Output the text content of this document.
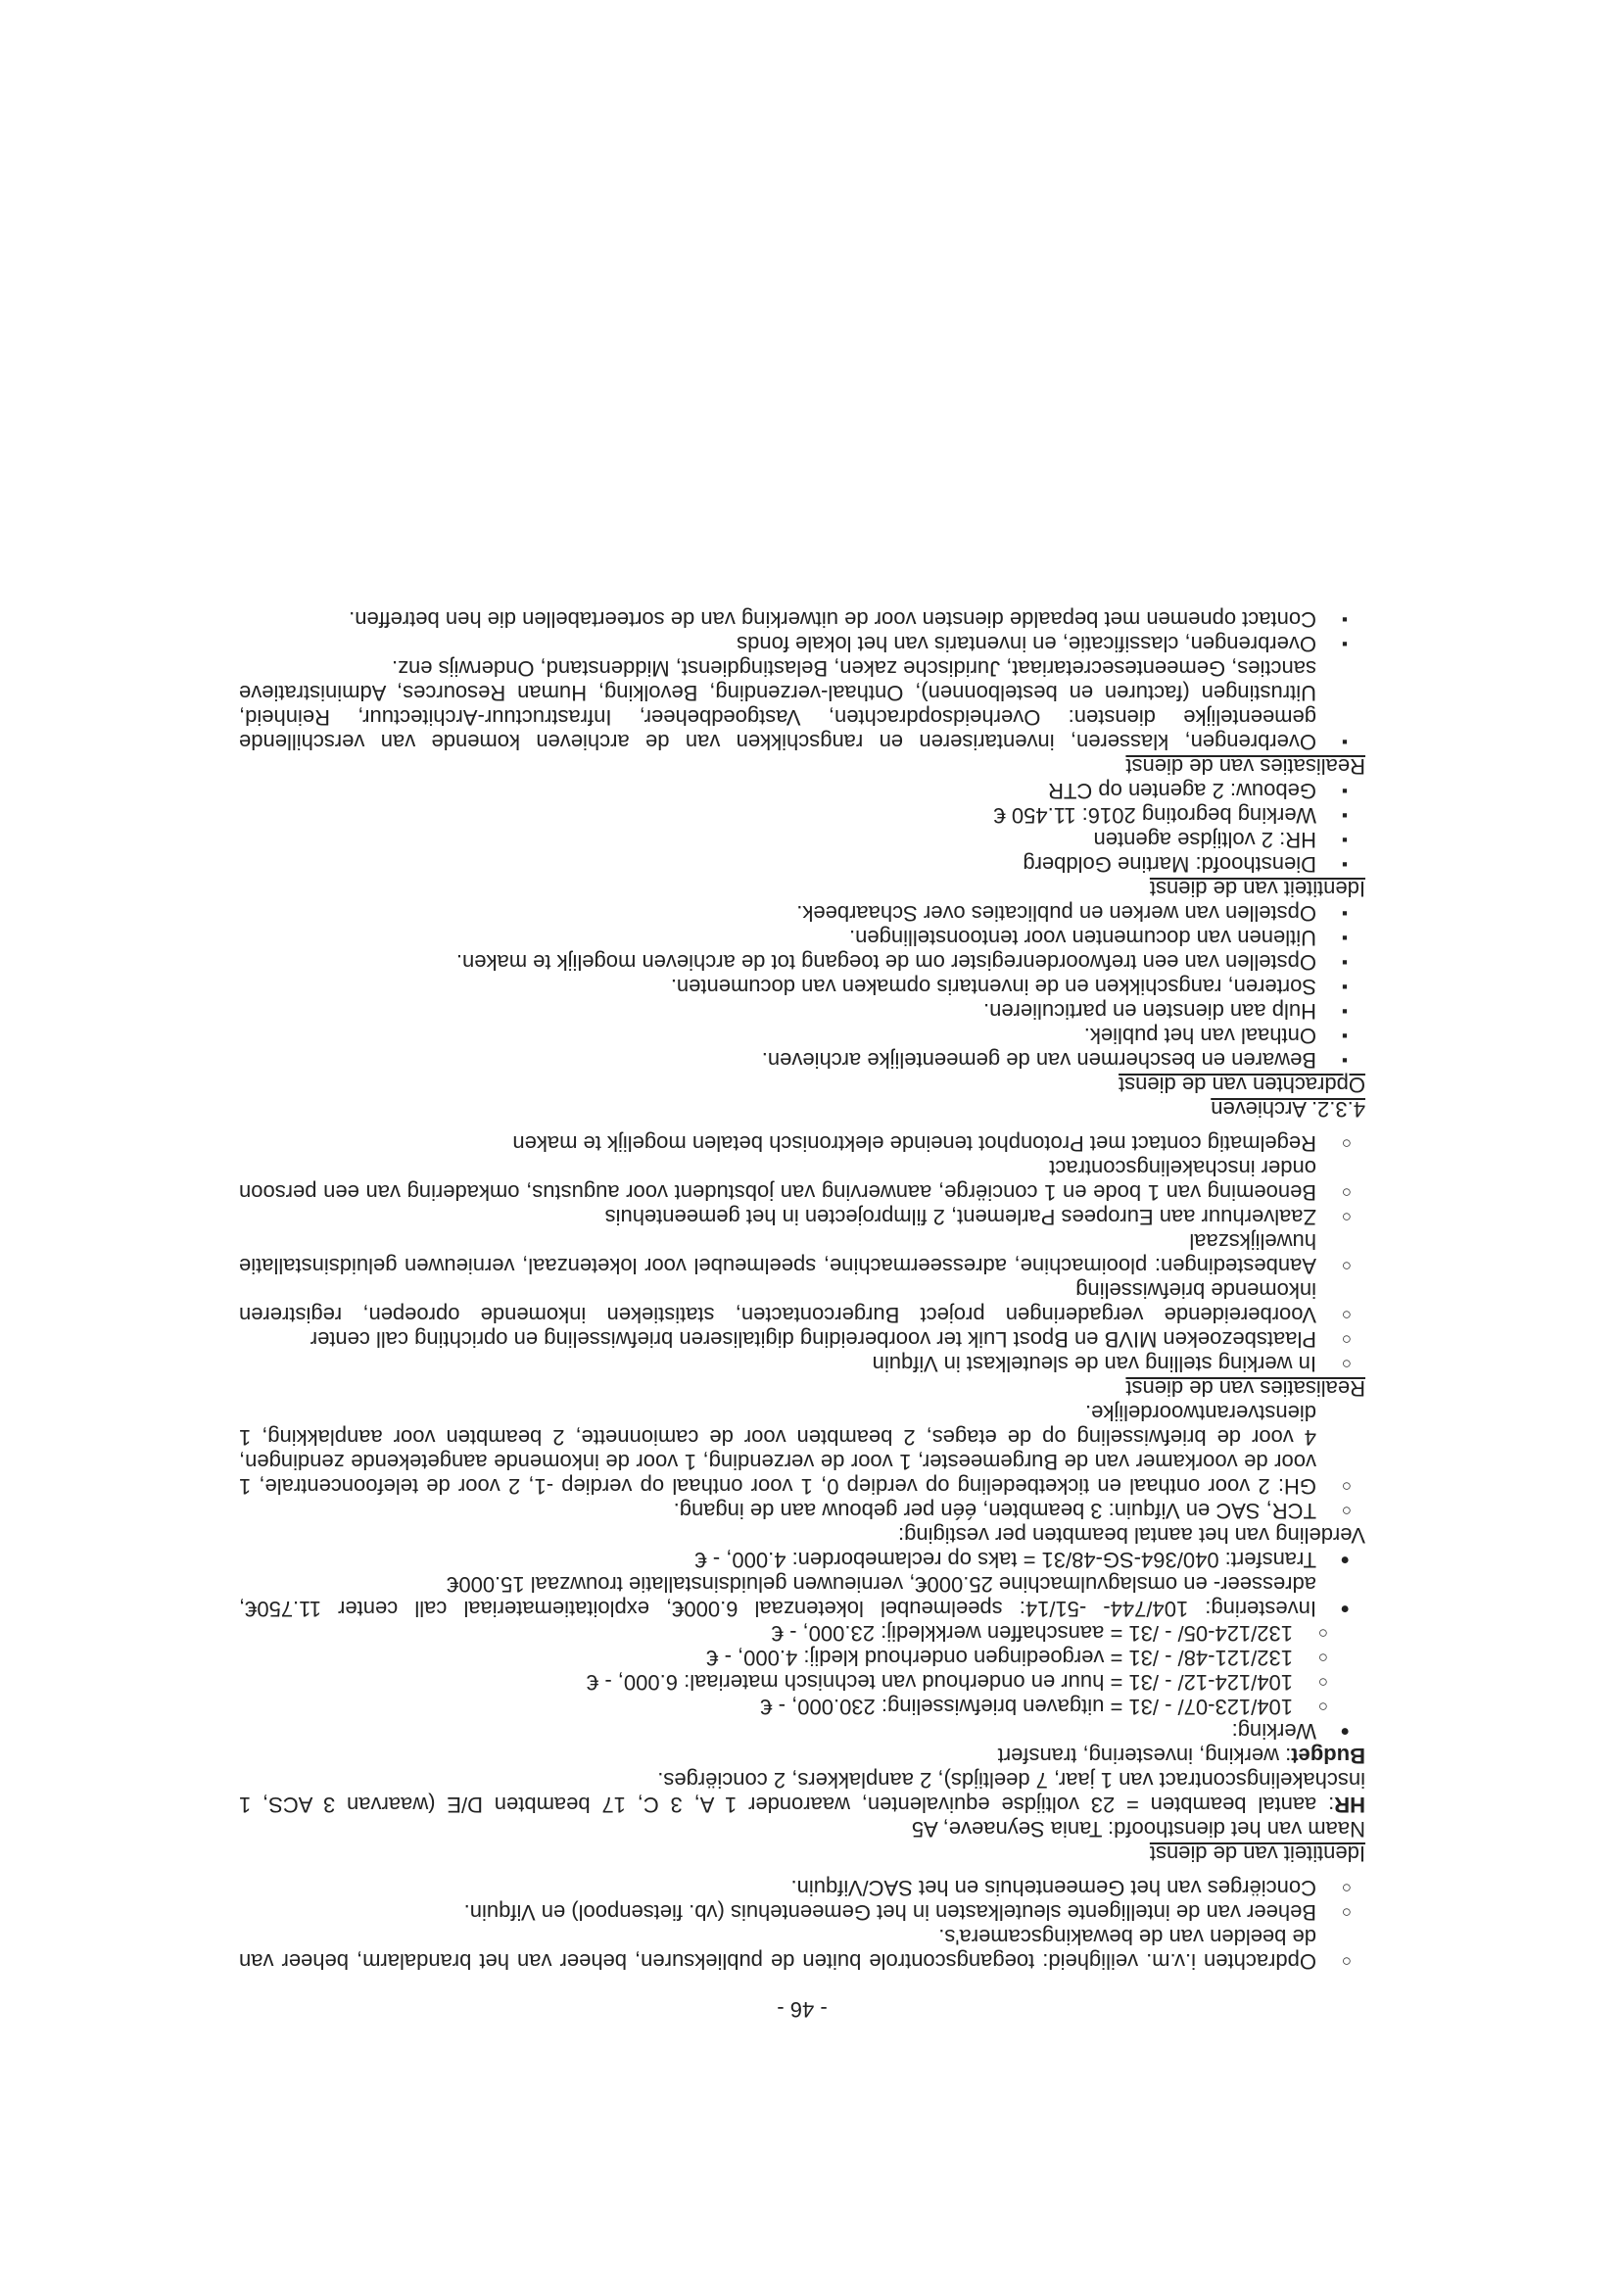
- 46 -
○ Opdrachten i.v.m. veiligheid: toegangscontrole buiten de publieksuren, beheer van het brandalarm, beheer van de beelden van de bewakingscamera's.
○ Beheer van de intelligente sleutelkasten in het Gemeentehuis (vb. fietsenpool) en Vifquin.
○ Conciërges van het Gemeentehuis en het SAC/Vifquin.
Identiteit van de dienst
Naam van het diensthoofd: Tania Seynaeve, A5
HR: aantal beambten = 23 voltijdse equivalenten, waaronder 1 A, 3 C, 17 beambten D/E (waarvan 3 ACS, 1 inschakelingscontract van 1 jaar, 7 deeltijds), 2 aanplakkers, 2 conciërges.
Budget: werking, investering, transfert
● Werking:
○ 104/123-07/ - /31 = uitgaven briefwisseling: 230.000, - €
○ 104/124-12/ - /31 = huur en onderhoud van technisch materiaal: 6.000, - €
○ 132/121-48/ - /31 = vergoedingen onderhoud kledij: 4.000, - €
○ 132/124-05/ - /31 = aanschaffen werkkledij: 23.000, - €
● Investering: 104/744- -51/14: speelmeubel loketenzaal 6.000€, exploitatiemateriaal call center 11.750€, adresseer- en omslagvulmachine 25.000€, vernieuwen geluidsinstallatie trouwzaal 15.000€
● Transfert: 040/364-SG-48/31 = taks op reclameborden: 4.000, - €
Verdeling van het aantal beambten per vestiging:
○ TCR, SAC en Vifquin: 3 beambten, één per gebouw aan de ingang.
○ GH: 2 voor onthaal en ticketbedeling op verdiep 0, 1 voor onthaal op verdiep -1, 2 voor de telefooncentrale, 1 voor de voorkamer van de Burgemeester, 1 voor de verzending, 1 voor de inkomende aangetekende zendingen, 4 voor de briefwisseling op de etages, 2 beambten voor de camionnette, 2 beambten voor aanplakking, 1 dienstverantwoordelijke.
Realisaties van de dienst
○ In werking stelling van de sleutelkast in Vifquin
○ Plaatsbezoeken MIVB en Bpost Luik ter voorbereiding digitaliseren briefwisseling en oprichting call center
○ Voorbereidende vergaderingen project Burgercontacten, statistieken inkomende oproepen, registreren inkomende briefwisseling
○ Aanbestedingen: plooimachine, adresseermachine, speelmeubel voor loketenzaal, vernieuwen geluidsinstallatie huwelijkszaal
○ Zaalverhuur aan Europees Parlement, 2 filmprojecten in het gemeentehuis
○ Benoeming van 1 bode en 1 conciërge, aanwerving van jobstudent voor augustus, omkadering van een persoon onder inschakelingscontract
○ Regelmatig contact met Protonphot teneinde elektronisch betalen mogelijk te maken
4.3.2. Archieven
Opdrachten van de dienst
▪ Bewaren en beschermen van de gemeentelijke archieven.
▪ Onthaal van het publiek.
▪ Hulp aan diensten en particulieren.
▪ Sorteren, rangschikken en de inventaris opmaken van documenten.
▪ Opstellen van een trefwoordenregister om de toegang tot de archieven mogelijk te maken.
▪ Uitlenen van documenten voor tentoonstellingen.
▪ Opstellen van werken en publicaties over Schaarbeek.
Identiteit van de dienst
▪ Diensthoofd: Martine Goldberg
▪ HR: 2 voltijdse agenten
▪ Werking begroting 2016: 11.450 €
▪ Gebouw: 2 agenten op CTR
Realisaties van de dienst
▪ Overbrengen, klasseren, inventariseren en rangschikken van de archieven komende van verschillende gemeentelijke diensten: Overheidsopdrachten, Vastgoedbeheer, Infrastructuur-Architectuur, Reinheid, Uitrustingen (facturen en bestelbonnen), Onthaal-verzending, Bevolking, Human Resources, Administratieve sancties, Gemeentesecretariaat, Juridische zaken, Belastingdienst, Middenstand, Onderwijs enz.
▪ Overbrengen, classificatie, en inventaris van het lokale fonds
▪ Contact opnemen met bepaalde diensten voor de uitwerking van de sorteertabellen die hen betreffen.
